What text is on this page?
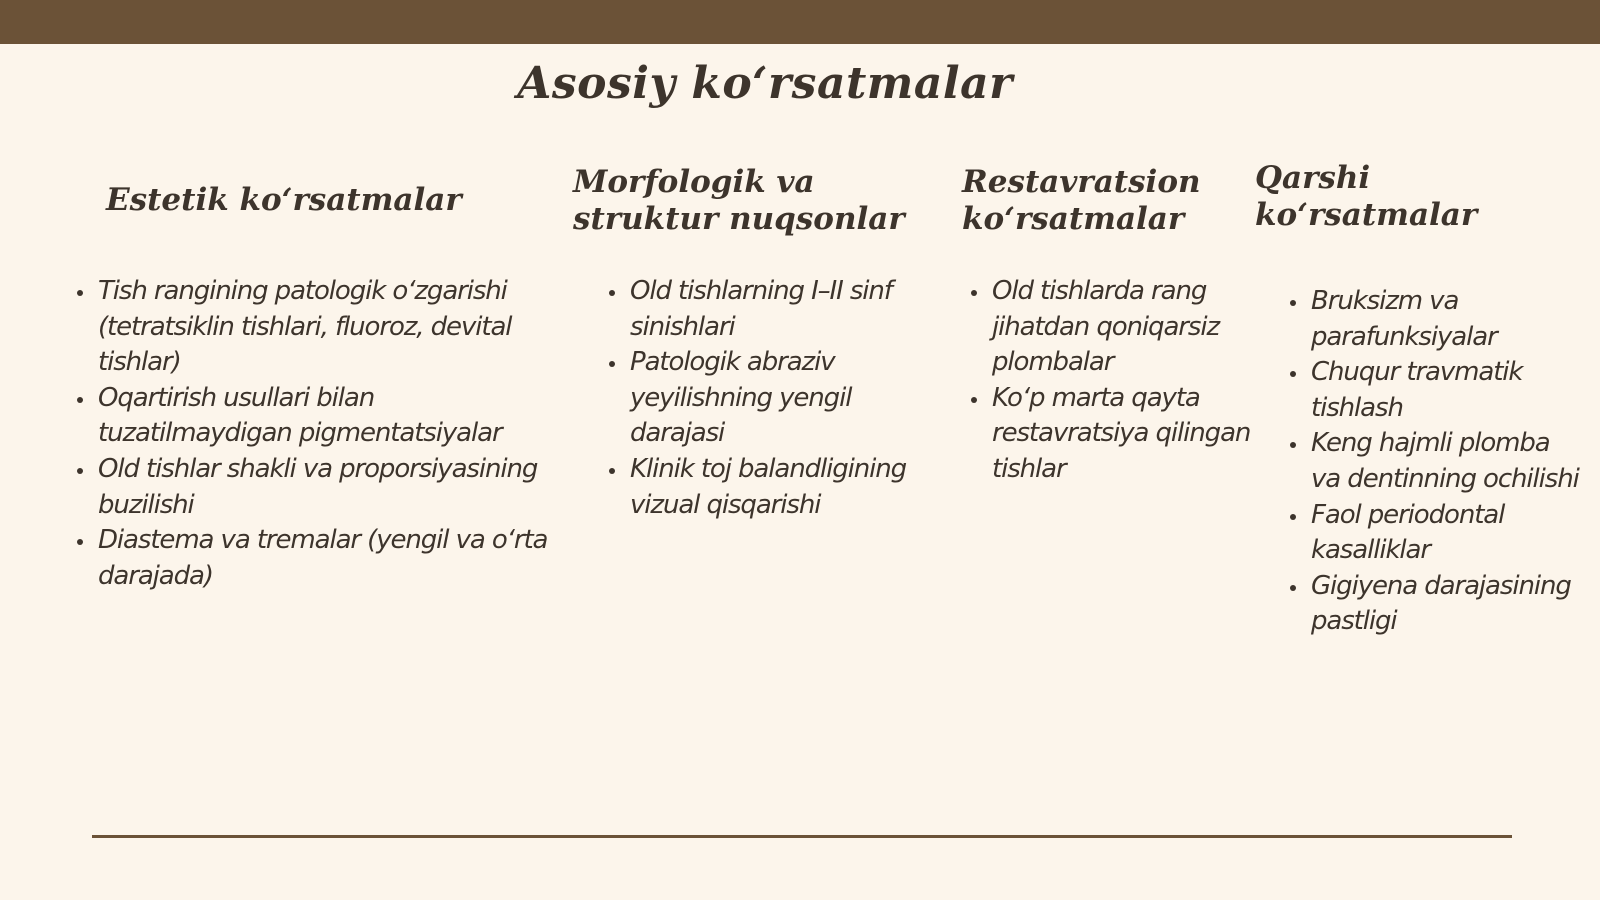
Asosiy ko‘rsatmalar
Estetik ko‘rsatmalar
• Tish rangining patologik o‘zgarishi (tetratsiklin tishlari, fluoroz, devital tishlar)
• Oqartirish usullari bilan tuzatilmaydigan pigmentatsiyalar
• Old tishlar shakli va proporsiyasining buzilishi
• Diastema va tremalar (yengil va o‘rta darajada)
Morfologik va struktur nuqsonlar
• Old tishlarning I–II sinf sinishlari
• Patologik abraziv yeyilishning yengil darajasi
• Klinik toj balandligining vizual qisqarishi
Restavratsion ko‘rsatmalar
• Old tishlarda rang jihatdan qoniqarsiz plombalar
• Ko‘p marta qayta restavratsiya qilingan tishlar
Qarshi ko‘rsatmalar
• Bruksizm va parafunksiyalar
• Chuqur travmatik tishlash
• Keng hajmli plomba va dentinning ochilishi
• Faol periodontal kasalliklar
• Gigiyena darajasining pastligi
